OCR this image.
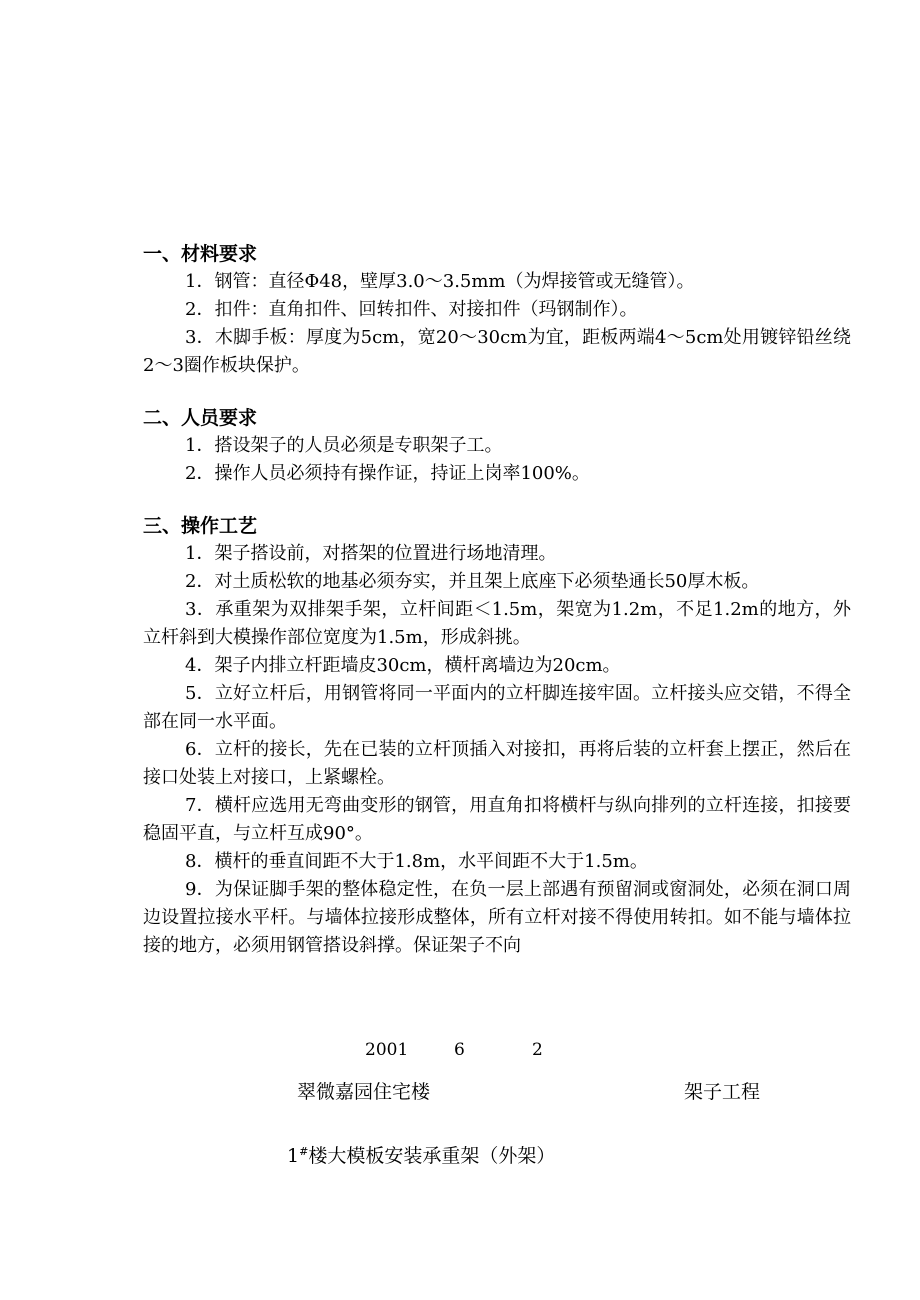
一、材料要求
1．钢管：直径Φ48，壁厚3.0～3.5mm（为焊接管或无缝管）。
2．扣件：直角扣件、回转扣件、对接扣件（玛钢制作）。
3．木脚手板：厚度为5cm，宽20～30cm为宜，距板两端4～5cm处用镀锌铅丝绕2～3圈作板块保护。
二、人员要求
1．搭设架子的人员必须是专职架子工。
2．操作人员必须持有操作证，持证上岗率100%。
三、操作工艺
1．架子搭设前，对搭架的位置进行场地清理。
2．对土质松软的地基必须夯实，并且架上底座下必须垫通长50厚木板。
3．承重架为双排架手架，立杆间距＜1.5m，架宽为1.2m，不足1.2m的地方，外立杆斜到大模操作部位宽度为1.5m，形成斜挑。
4．架子内排立杆距墙皮30cm，横杆离墙边为20cm。
5．立好立杆后，用钢管将同一平面内的立杆脚连接牢固。立杆接头应交错，不得全部在同一水平面。
6．立杆的接长，先在已装的立杆顶插入对接扣，再将后装的立杆套上摆正，然后在接口处装上对接口，上紧螺栓。
7．横杆应选用无弯曲变形的钢管，用直角扣将横杆与纵向排列的立杆连接，扣接要稳固平直，与立杆互成90°。
8．横杆的垂直间距不大于1.8m，水平间距不大于1.5m。
9．为保证脚手架的整体稳定性，在负一层上部遇有预留洞或窗洞处，必须在洞口周边设置拉接水平杆。与墙体拉接形成整体，所有立杆对接不得使用转扣。如不能与墙体拉接的地方，必须用钢管搭设斜撑。保证架子不向
2001	6	2
翠微嘉园住宅楼	架子工程
1#楼大模板安装承重架（外架）
